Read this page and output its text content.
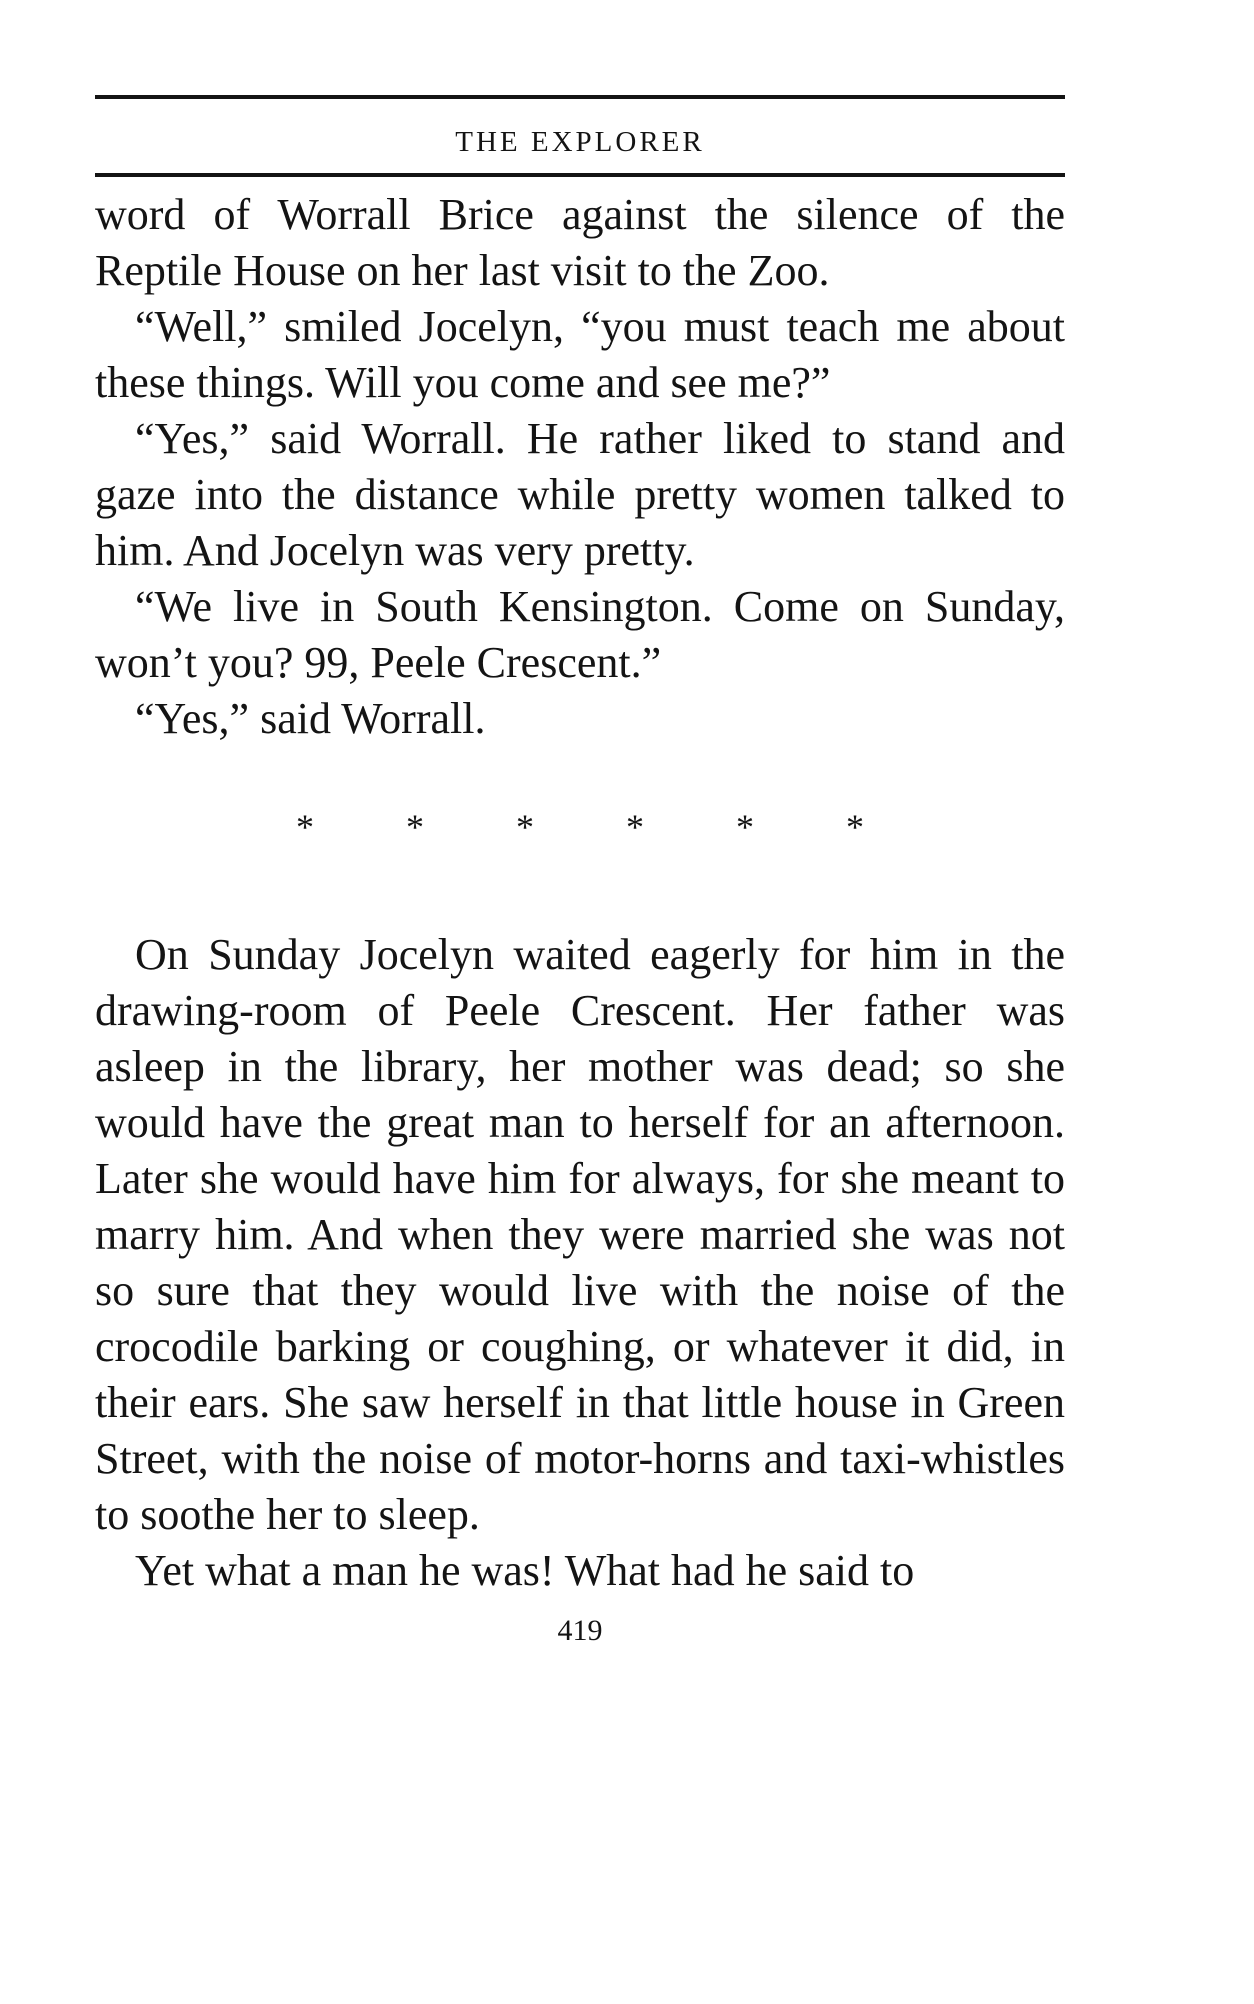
THE EXPLORER

word of Worrall Brice against the silence of the Reptile House on her last visit to the Zoo.

“Well,” smiled Jocelyn, “you must teach me about these things. Will you come and see me?”

“Yes,” said Worrall. He rather liked to stand and gaze into the distance while pretty women talked to him. And Jocelyn was very pretty.

“We live in South Kensington. Come on Sunday, won’t you? 99, Peele Crescent.”

“Yes,” said Worrall.

*	*	*	*	*	*

On Sunday Jocelyn waited eagerly for him in the drawing-room of Peele Crescent. Her father was asleep in the library, her mother was dead; so she would have the great man to herself for an afternoon. Later she would have him for always, for she meant to marry him. And when they were married she was not so sure that they would live with the noise of the crocodile barking or coughing, or whatever it did, in their ears. She saw herself in that little house in Green Street, with the noise of motor-horns and taxi-whistles to soothe her to sleep.

Yet what a man he was! What had he said to

419
